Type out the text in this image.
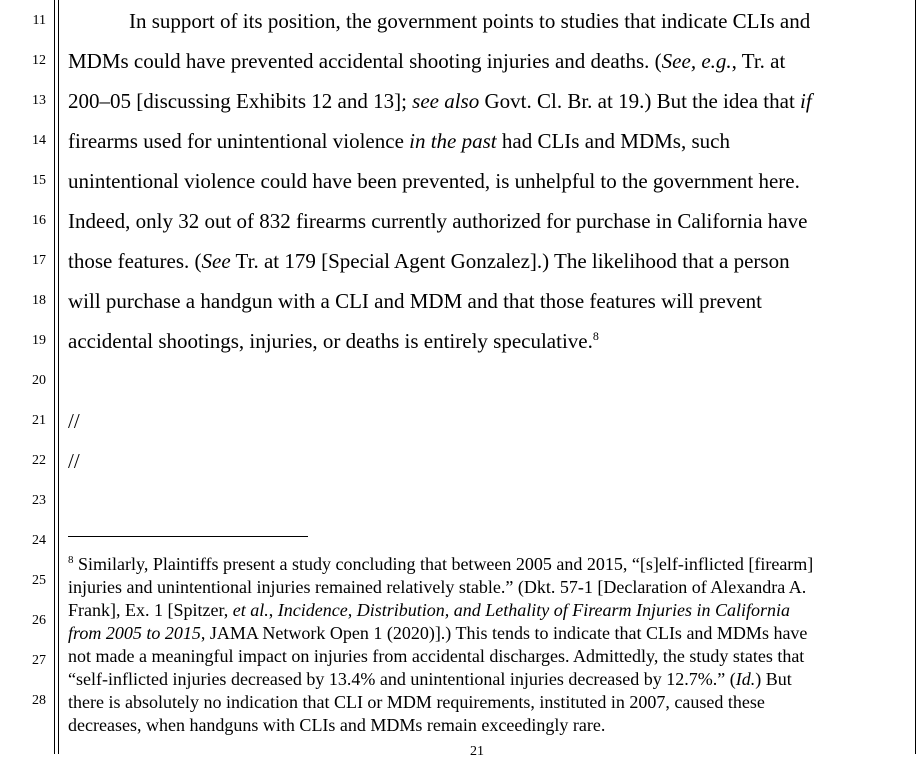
11
12
13
14
15
16
17
18
19
20
21
22
23
24
25
26
27
28
In support of its position, the government points to studies that indicate CLIs and
MDMs could have prevented accidental shooting injuries and deaths. (See, e.g., Tr. at
200–05 [discussing Exhibits 12 and 13]; see also Govt. Cl. Br. at 19.) But the idea that if
firearms used for unintentional violence in the past had CLIs and MDMs, such
unintentional violence could have been prevented, is unhelpful to the government here.
Indeed, only 32 out of 832 firearms currently authorized for purchase in California have
those features. (See Tr. at 179 [Special Agent Gonzalez].) The likelihood that a person
will purchase a handgun with a CLI and MDM and that those features will prevent
accidental shootings, injuries, or deaths is entirely speculative.$^8$
//
//
$^8$ Similarly, Plaintiffs present a study concluding that between 2005 and 2015, “[s]elf-inflicted [firearm]
injuries and unintentional injuries remained relatively stable.” (Dkt. 57-1 [Declaration of Alexandra A.
Frank], Ex. 1 [Spitzer, et al., Incidence, Distribution, and Lethality of Firearm Injuries in California
from 2005 to 2015, JAMA Network Open 1 (2020)].) This tends to indicate that CLIs and MDMs have
not made a meaningful impact on injuries from accidental discharges. Admittedly, the study states that
“self-inflicted injuries decreased by 13.4% and unintentional injuries decreased by 12.7%.” (Id.) But
there is absolutely no indication that CLI or MDM requirements, instituted in 2007, caused these
decreases, when handguns with CLIs and MDMs remain exceedingly rare.
21
